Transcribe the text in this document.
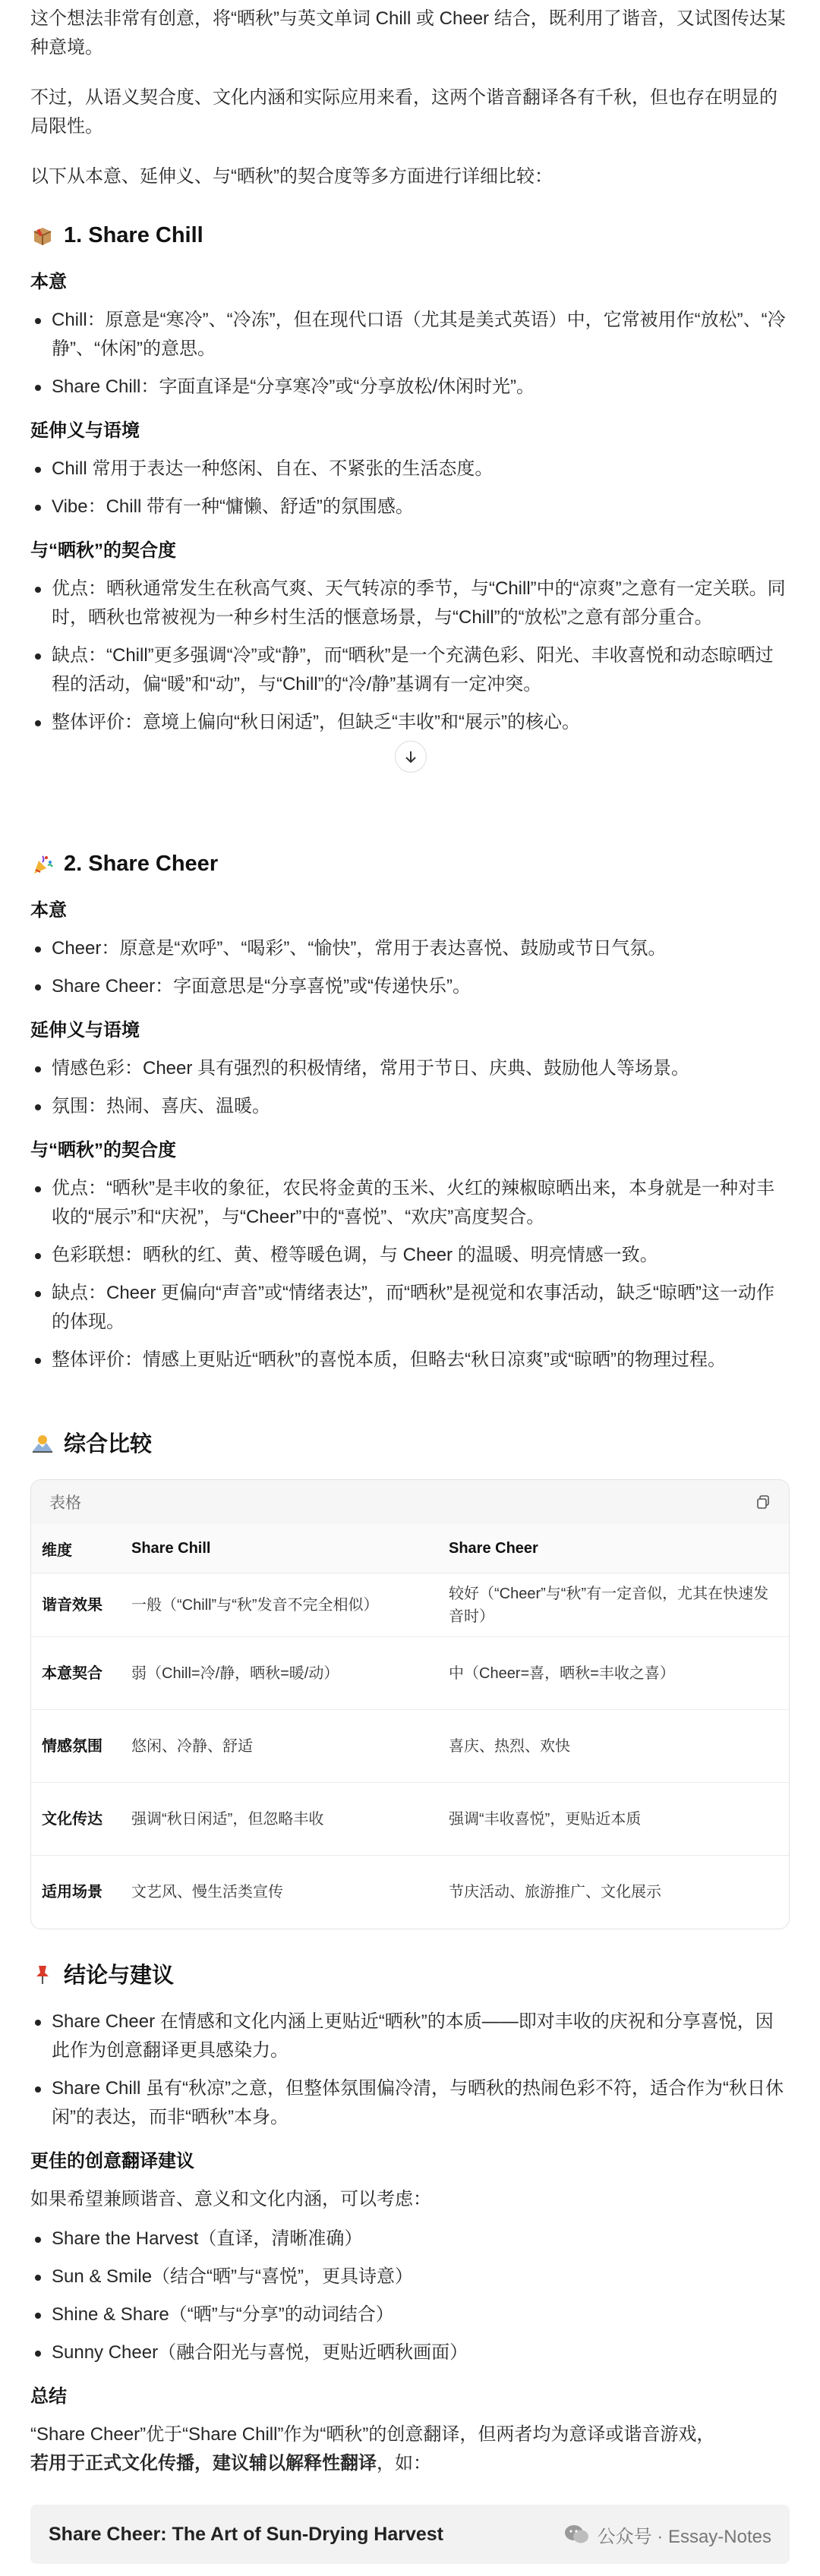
这个想法非常有创意，将“晒秋”与英文单词 Chill 或 Cheer 结合，既利用了谐音，又试图传达某种意境。

不过，从语义契合度、文化内涵和实际应用来看，这两个谐音翻译各有千秋，但也存在明显的局限性。

以下从本意、延伸义、与“晒秋”的契合度等多方面进行详细比较：

1. Share Chill
本意
Chill：原意是“寒冷”、“冷冻”，但在现代口语（尤其是美式英语）中，它常被用作“放松”、“冷静”、“休闲”的意思。
Share Chill：字面直译是“分享寒冷”或“分享放松/休闲时光”。
延伸义与语境
Chill 常用于表达一种悠闲、自在、不紧张的生活态度。
Vibe：Chill 带有一种“慵懒、舒适”的氛围感。
与“晒秋”的契合度
优点：晒秋通常发生在秋高气爽、天气转凉的季节，与“Chill”中的“凉爽”之意有一定关联。同时，晒秋也常被视为一种乡村生活的惬意场景，与“Chill”的“放松”之意有部分重合。
缺点：“Chill”更多强调“冷”或“静”，而“晒秋”是一个充满色彩、阳光、丰收喜悦和动态晾晒过程的活动，偏“暖”和“动”，与“Chill”的“冷/静”基调有一定冲突。
整体评价：意境上偏向“秋日闲适”，但缺乏“丰收”和“展示”的核心。
2. Share Cheer
本意
Cheer：原意是“欢呼”、“喝彩”、“愉快”，常用于表达喜悦、鼓励或节日气氛。
Share Cheer：字面意思是“分享喜悦”或“传递快乐”。
延伸义与语境
情感色彩：Cheer 具有强烈的积极情绪，常用于节日、庆典、鼓励他人等场景。
氛围：热闹、喜庆、温暖。
与“晒秋”的契合度
优点：“晒秋”是丰收的象征，农民将金黄的玉米、火红的辣椒晾晒出来，本身就是一种对丰收的“展示”和“庆祝”，与“Cheer”中的“喜悦”、“欢庆”高度契合。
色彩联想：晒秋的红、黄、橙等暖色调，与 Cheer 的温暖、明亮情感一致。
缺点：Cheer 更偏向“声音”或“情绪表达”，而“晒秋”是视觉和农事活动，缺乏“晾晒”这一动作的体现。
整体评价：情感上更贴近“晒秋”的喜悦本质，但略去“秋日凉爽”或“晾晒”的物理过程。
综合比较
表格
维度	Share Chill	Share Cheer
谐音效果	一般（“Chill”与“秋”发音不完全相似）	较好（“Cheer”与“秋”有一定音似，尤其在快速发音时）
本意契合	弱（Chill=冷/静，晒秋=暖/动）	中（Cheer=喜，晒秋=丰收之喜）
情感氛围	悠闲、冷静、舒适	喜庆、热烈、欢快
文化传达	强调“秋日闲适”，但忽略丰收	强调“丰收喜悦”，更贴近本质
适用场景	文艺风、慢生活类宣传	节庆活动、旅游推广、文化展示
结论与建议
Share Cheer 在情感和文化内涵上更贴近“晒秋”的本质——即对丰收的庆祝和分享喜悦，因此作为创意翻译更具感染力。
Share Chill 虽有“秋凉”之意，但整体氛围偏冷清，与晒秋的热闹色彩不符，适合作为“秋日休闲”的表达，而非“晒秋”本身。
更佳的创意翻译建议

如果希望兼顾谐音、意义和文化内涵，可以考虑：

Share the Harvest（直译，清晰准确）
Sun & Smile（结合“晒”与“喜悦”，更具诗意）
Shine & Share（“晒”与“分享”的动词结合）
Sunny Cheer（融合阳光与喜悦，更贴近晒秋画面）
总结

“Share Cheer”优于“Share Chill”作为“晒秋”的创意翻译，但两者均为意译或谐音游戏，
若用于正式文化传播，建议辅以解释性翻译，如：

Share Cheer: The Art of Sun-Drying Harvest	公众号 · Essay-Notes
